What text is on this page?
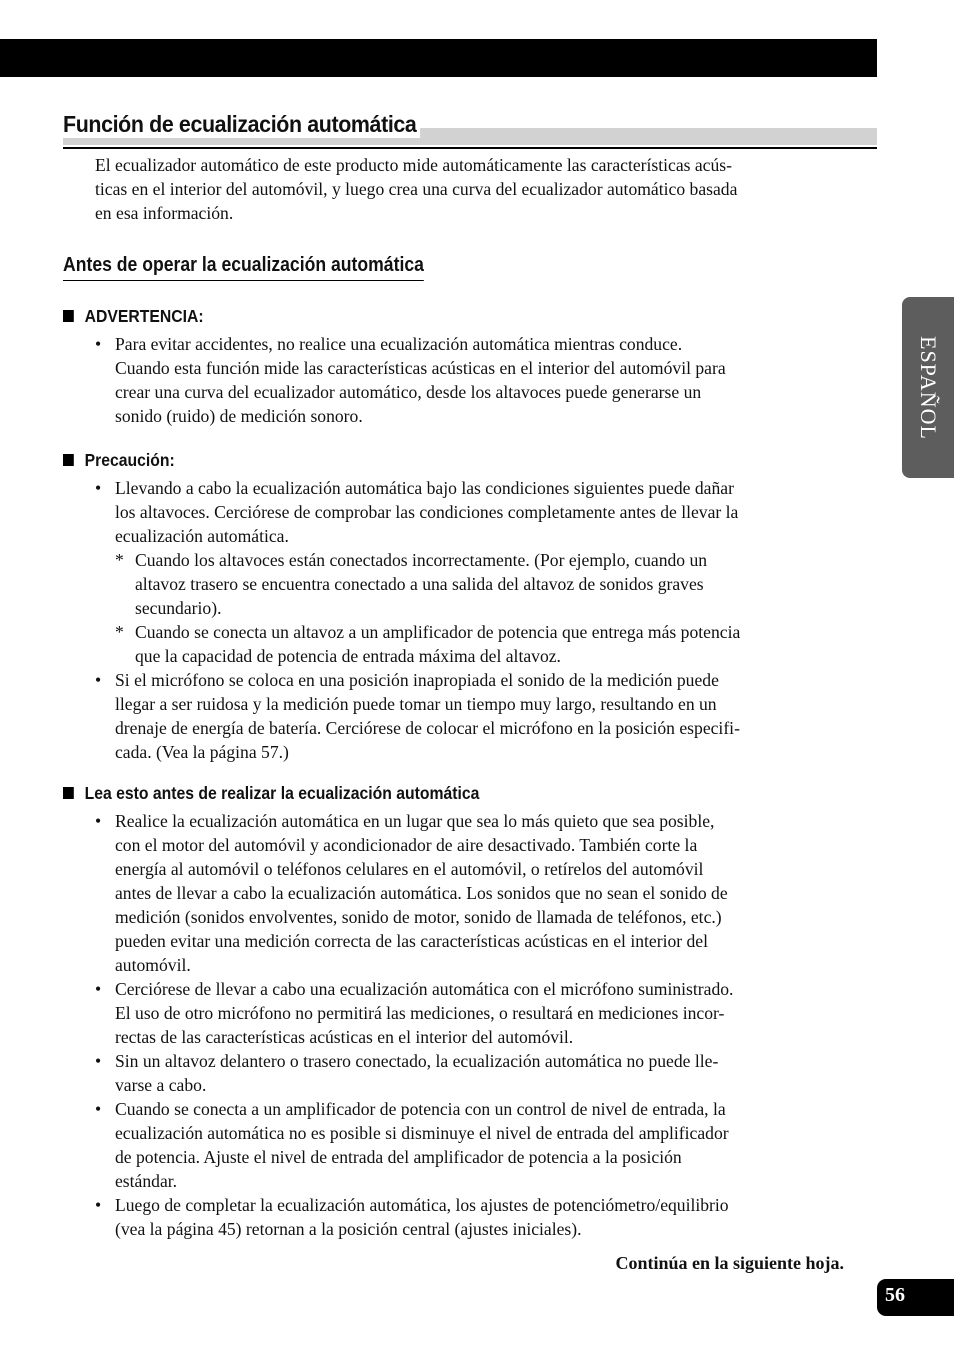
Función de ecualización automática
El ecualizador automático de este producto mide automáticamente las características acús-
ticas en el interior del automóvil, y luego crea una curva del ecualizador automático basada
en esa información.
Antes de operar la ecualización automática
ADVERTENCIA:
• Para evitar accidentes, no realice una ecualización automática mientras conduce.
Cuando esta función mide las características acústicas en el interior del automóvil para
crear una curva del ecualizador automático, desde los altavoces puede generarse un
sonido (ruido) de medición sonoro.
Precaución:
• Llevando a cabo la ecualización automática bajo las condiciones siguientes puede dañar
los altavoces. Cerciórese de comprobar las condiciones completamente antes de llevar la
ecualización automática.
* Cuando los altavoces están conectados incorrectamente. (Por ejemplo, cuando un
altavoz trasero se encuentra conectado a una salida del altavoz de sonidos graves
secundario).
* Cuando se conecta un altavoz a un amplificador de potencia que entrega más potencia
que la capacidad de potencia de entrada máxima del altavoz.
• Si el micrófono se coloca en una posición inapropiada el sonido de la medición puede
llegar a ser ruidosa y la medición puede tomar un tiempo muy largo, resultando en un
drenaje de energía de batería. Cerciórese de colocar el micrófono en la posición especifi-
cada. (Vea la página 57.)
Lea esto antes de realizar la ecualización automática
• Realice la ecualización automática en un lugar que sea lo más quieto que sea posible,
con el motor del automóvil y acondicionador de aire desactivado. También corte la
energía al automóvil o teléfonos celulares en el automóvil, o retírelos del automóvil
antes de llevar a cabo la ecualización automática. Los sonidos que no sean el sonido de
medición (sonidos envolventes, sonido de motor, sonido de llamada de teléfonos, etc.)
pueden evitar una medición correcta de las características acústicas en el interior del
automóvil.
• Cerciórese de llevar a cabo una ecualización automática con el micrófono suministrado.
El uso de otro micrófono no permitirá las mediciones, o resultará en mediciones incor-
rectas de las características acústicas en el interior del automóvil.
• Sin un altavoz delantero o trasero conectado, la ecualización automática no puede lle-
varse a cabo.
• Cuando se conecta a un amplificador de potencia con un control de nivel de entrada, la
ecualización automática no es posible si disminuye el nivel de entrada del amplificador
de potencia. Ajuste el nivel de entrada del amplificador de potencia a la posición
estándar.
• Luego de completar la ecualización automática, los ajustes de potenciómetro/equilibrio
(vea la página 45) retornan a la posición central (ajustes iniciales).
Continúa en la siguiente hoja.
ESPAÑOL
56
